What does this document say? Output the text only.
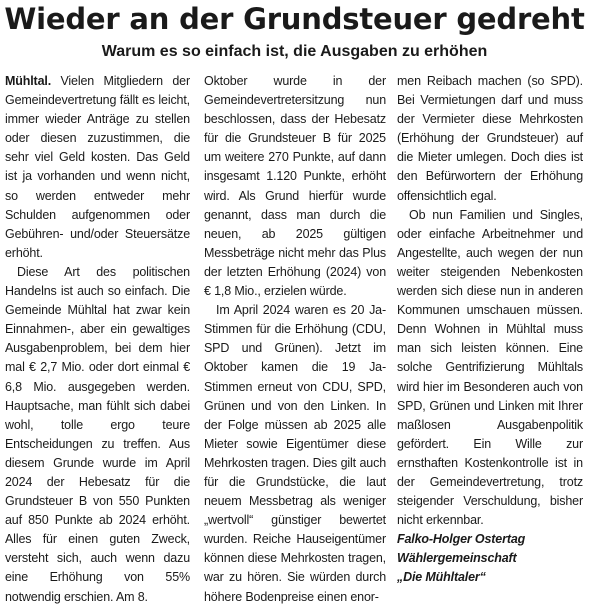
Wieder an der Grundsteuer gedreht
Warum es so einfach ist, die Ausgaben zu erhöhen

Mühltal. Vielen Mitgliedern der Gemeindevertretung fällt es leicht, immer wieder Anträge zu stellen oder diesen zuzustimmen, die sehr viel Geld kosten. Das Geld ist ja vorhanden und wenn nicht, so werden entweder mehr Schulden aufgenommen oder Gebühren- und/oder Steuersätze erhöht.

Diese Art des politischen Handelns ist auch so einfach. Die Gemeinde Mühltal hat zwar kein Einnahmen-, aber ein gewaltiges Ausgabenproblem, bei dem hier mal € 2,7 Mio. oder dort einmal € 6,8 Mio. ausgegeben werden. Hauptsache, man fühlt sich dabei wohl, tolle ergo teure Entscheidungen zu treffen. Aus diesem Grunde wurde im April 2024 der Hebesatz für die Grundsteuer B von 550 Punkten auf 850 Punkte ab 2024 erhöht. Alles für einen guten Zweck, versteht sich, auch wenn dazu eine Erhöhung von 55% notwendig erschien. Am 8.

Oktober wurde in der Gemeindevertretersitzung nun beschlossen, dass der Hebesatz für die Grundsteuer B für 2025 um weitere 270 Punkte, auf dann insgesamt 1.120 Punkte, erhöht wird. Als Grund hierfür wurde genannt, dass man durch die neuen, ab 2025 gültigen Messbeträge nicht mehr das Plus der letzten Erhöhung (2024) von € 1,8 Mio., erzielen würde.

Im April 2024 waren es 20 Ja-Stimmen für die Erhöhung (CDU, SPD und Grünen). Jetzt im Oktober kamen die 19 Ja-Stimmen erneut von CDU, SPD, Grünen und von den Linken. In der Folge müssen ab 2025 alle Mieter sowie Eigentümer diese Mehrkosten tragen. Dies gilt auch für die Grundstücke, die laut neuem Messbetrag als weniger „wertvoll“ günstiger bewertet wurden. Reiche Hauseigentümer können diese Mehrkosten tragen, war zu hören. Sie würden durch höhere Bodenpreise einen enor-

men Reibach machen (so SPD). Bei Vermietungen darf und muss der Vermieter diese Mehrkosten (Erhöhung der Grundsteuer) auf die Mieter umlegen. Doch dies ist den Befürwortern der Erhöhung offensichtlich egal.

Ob nun Familien und Singles, oder einfache Arbeitnehmer und Angestellte, auch wegen der nun weiter steigenden Nebenkosten werden sich diese nun in anderen Kommunen umschauen müssen. Denn Wohnen in Mühltal muss man sich leisten können. Eine solche Gentrifizierung Mühltals wird hier im Besonderen auch von SPD, Grünen und Linken mit Ihrer maßlosen Ausgabenpolitik gefördert. Ein Wille zur ernsthaften Kostenkontrolle ist in der Gemeindevertretung, trotz steigender Verschuldung, bisher nicht erkennbar.

Falko-Holger Ostertag

Wählergemeinschaft

„Die Mühltaler“
